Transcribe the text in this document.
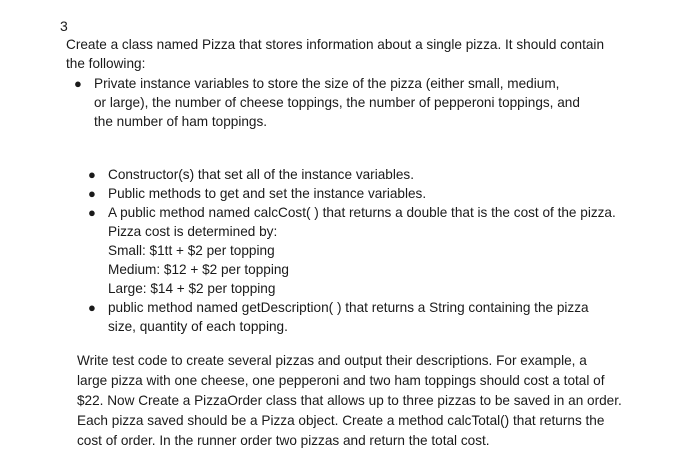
3
Create a class named Pizza that stores information about a single pizza. It should contain
the following:
● Private instance variables to store the size of the pizza (either small, medium,
or large), the number of cheese toppings, the number of pepperoni toppings, and
the number of ham toppings.
● Constructor(s) that set all of the instance variables.
● Public methods to get and set the instance variables.
● A public method named calcCost( ) that returns a double that is the cost of the pizza.
Pizza cost is determined by:
Small: $1tt + $2 per topping
Medium: $12 + $2 per topping
Large: $14 + $2 per topping
● public method named getDescription( ) that returns a String containing the pizza
size, quantity of each topping.
Write test code to create several pizzas and output their descriptions. For example, a
large pizza with one cheese, one pepperoni and two ham toppings should cost a total of
$22. Now Create a PizzaOrder class that allows up to three pizzas to be saved in an order.
Each pizza saved should be a Pizza object. Create a method calcTotal() that returns the
cost of order. In the runner order two pizzas and return the total cost.
